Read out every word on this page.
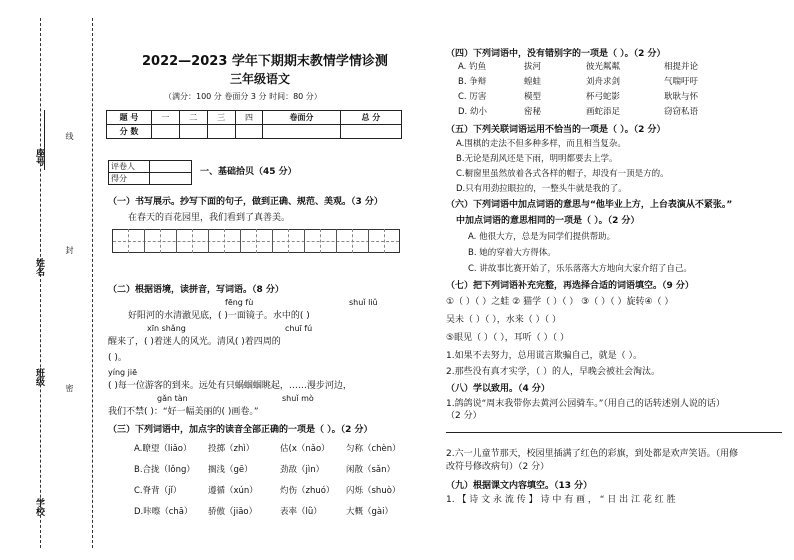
座号
姓名
班级
学校
线
封
密
2022—2023 学年下期期末教情学情诊测
三年级语文
（满分：100 分 卷面分 3 分 时间：80 分）
题 号	一	二	三	四	卷面分	总 分
分 数						
评卷人	
得分	
一、基础拾贝（45 分）
（一）书写展示。抄写下面的句子，做到正确、规范、美观。（3 分）
在春天的百花园里，我们看到了真善美。
（二）根据语境，读拼音，写词语。（8 分）
fēng fù	shuǐ liǔ
好阳河的水清澈见底，( )一面镜子。水中的( )
xīn shǎng	chuī fú
醒来了，( )着迷人的风光。清风( )着四周的
( )。
yíng jiē
( )每一位游客的到来。远处有只蜗蝈蝈眺起，……漫步河边，
gǎn tàn	shuǐ mò
我们不禁( )：“好一幅美丽的( )画卷。”
（三）下列词语中，加点字的读音全部正确的一项是（ ）。（2 分）
A.瞭望（liǎo） 投掷（zhì）	估(x（nǎo） 匀称（chèn）
B.合拢（lǒng） 搁浅（gē）	劲敌（jìn）	闲散（sǎn）
C.脊背（jǐ）	遵循（xún）	灼伤（zhuó） 闪烁（shuò）
D.咔嚓（chā） 骄傲（jiāo）	表率（lǜ）	大概（gài）
（四）下列词语中，没有错别字的一项是（ ）。（2 分）
A. 钓鱼	拔河	彼光粼粼	相提并论
B. 争辩	蝗蛙	刘舟求剑	气喘吁吁
C. 厉害	模型	杯弓蛇影	耿耿与怀
D. 幼小	密秘	画蛇添足	窃窃私语
（五）下列关联词语运用不恰当的一项是（ ）。（2 分）
A.围棋的走法不但多种多样，而且相当复杂。
B.无论是刮风还是下雨，明明都要去上学。
C.橱窗里虽然放着各式各样的帽子，却没有一顶是方的。
D.只有用劲拉眼拉的，一整头牛就是我的了。
（六）下列词语中加点词语的意思与“他毕业上方，上台表演从不紧张。”
中加点词语的意思相同的一项是（ ）。（2 分）
A. 他很大方，总是为同学们提供帮助。
B. 她的穿着大方得体。
C. 讲故事比赛开始了，乐乐落落大方地向大家介绍了自己。
（七）把下列词语补充完整，再选择合适的词语填空。（9 分）
①（ ）（ ）之蛙 ② 猫学（ ）（ ） ③（ ）（ ）旋转④（ ）
吴未（ ）（ ），水来（ ）（ ）
⑤眼见（ ）（ ），耳听（ ）（ ）
1.如果不去努力，总用谎言欺骗自己，就是（ ）。
2.那些没有真才实学，（ ）的人，早晚会被社会淘汰。
（八）学以致用。（4 分）
1.鸽鸽说“周末我带你去黄河公园骑车。”（用自己的话转述别人说的话）
（2 分）
2.六一儿童节那天，校园里插满了红色的彩旗，到处都是欢声笑语。（用修
改符号修改病句）（2 分）
（九）根据课文内容填空。（13 分）
1. 【 诗 文 永 流 传 】 诗 中 有 画 ， “ 日 出 江 花 红 胜
